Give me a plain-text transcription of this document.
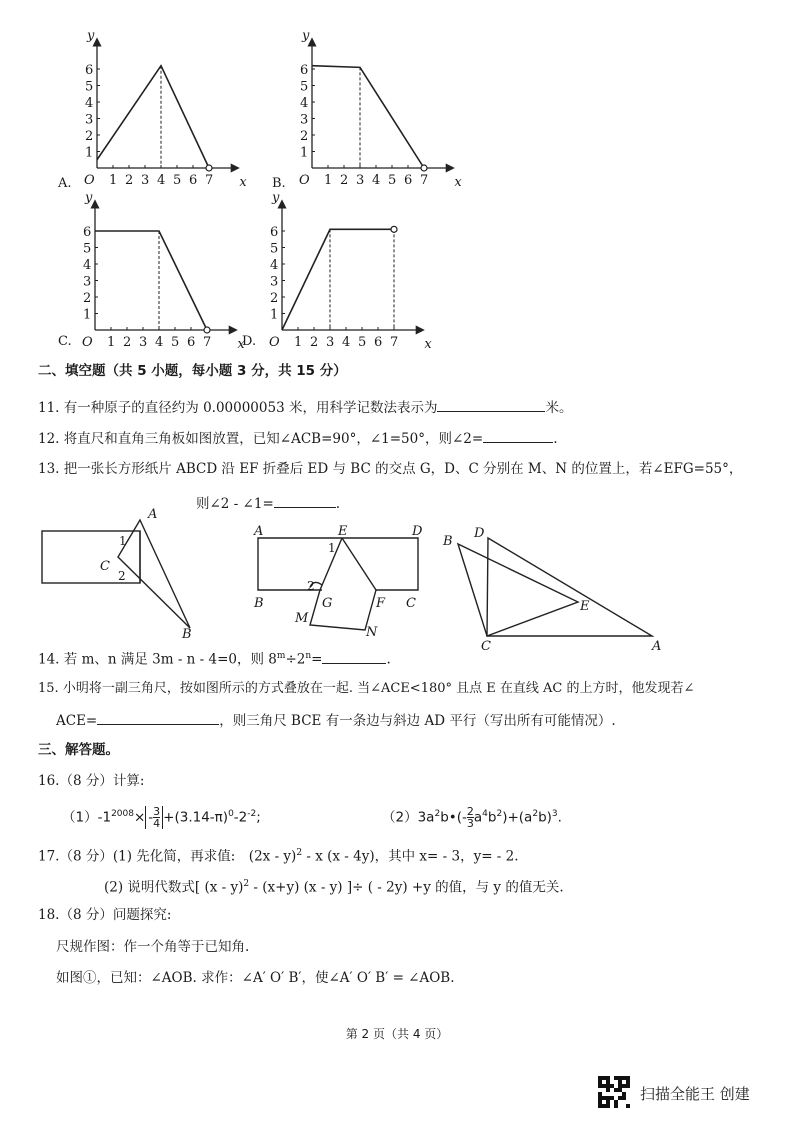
1 2 3 4 5 6 7
1
2
3
4
5
6
O	x
y
A.	1 2 3 4 5 6 7
1
2
3
4
5
6
O	x
y
B.
1 2 3 4 5 6 7
1
2
3
4
5
6
O	x
y
C.	1 2 3 4 5 6 7
1
2
3
4
5
6
O	x
y
D.
A
C
B
1
2
A	E	D
1
2
B	G	F C
M
N
B
D
E
C	A
二、填空题（共 5 小题，每小题 3 分，共 15 分）
11. 有一种原子的直径约为 0.00000053 米，用科学记数法表示为	米。
12. 将直尺和直角三角板如图放置，已知∠ACB=90°，∠1=50°，则∠2=	.
13. 把一张长方形纸片 ABCD 沿 EF 折叠后 ED 与 BC 的交点 G，D、C 分别在 M、N 的位置上，若∠EFG=55°，
则∠2 - ∠1=	.
14. 若 m、n 满足 3m - n - 4=0，则 $8^m\div 2^n=$	.
15. 小明将一副三角尺，按如图所示的方式叠放在一起. 当∠ACE<180° 且点 E 在直线 AC 的上方时，他发现若∠
ACE=	，则三角尺 BCE 有一条边与斜边 AD 平行（写出所有可能情况）.
三、解答题。
16.（8 分）计算:
$(1)-1^{2008}\times - \frac{3}{4} +(3.14-\pi)^0-2^{-2}$;	$(2)3a^2b•(- \frac{2}{3} a^4b^2)+(a^2b)^3$.
17.（8 分）(1) 先化简，再求值:　(2x - y)$^2$ - x (x - 4y)，其中 x= - 3，y= - 2.
(2) 说明代数式[ (x - y)$^2$ - (x+y) (x - y) ]÷ ( - 2y) +y 的值，与 y 的值无关.
18.（8 分）问题探究:
尺规作图：作一个角等于已知角.
如图①，已知：∠AOB. 求作：∠A′ O′ B′，使∠A′ O′ B′ = ∠AOB.
第 2 页（共 4 页）
扫描全能王 创建
